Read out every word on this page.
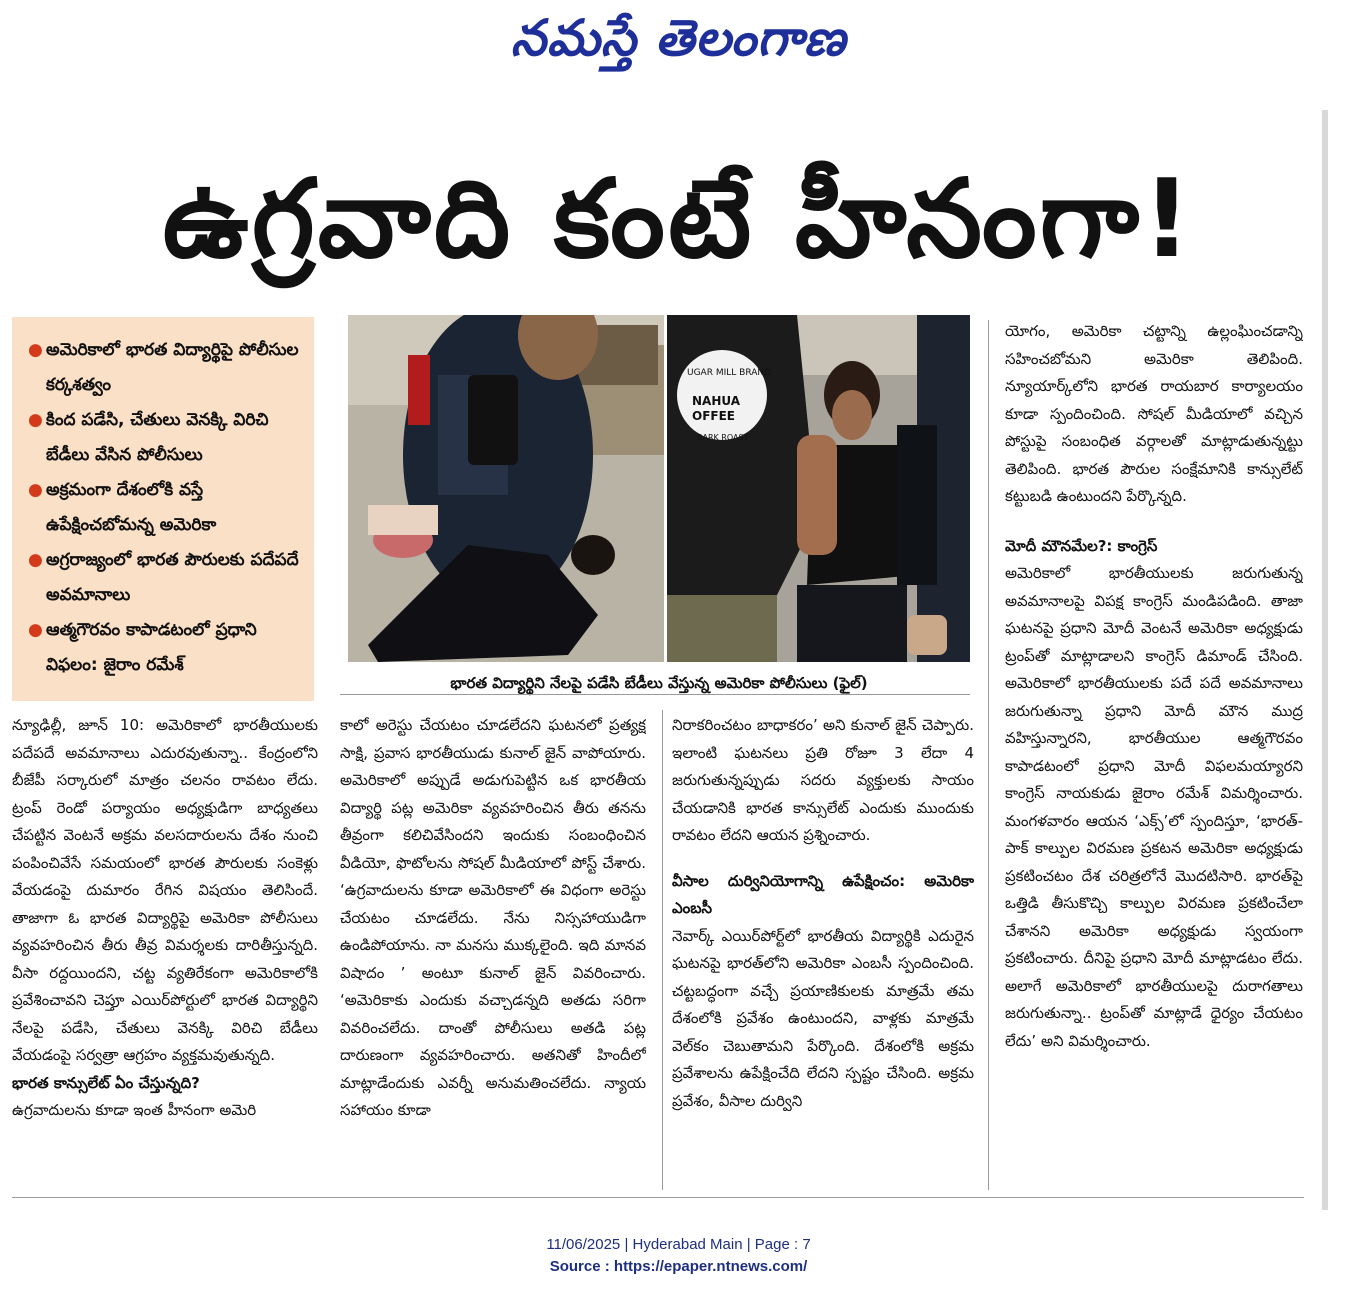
నమస్తే తెలంగాణ
ఉగ్రవాది కంటే హీనంగా!
● అమెరికాలో భారత విద్యార్థిపై పోలీసుల కర్కశత్వం
● కింద పడేసి, చేతులు వెనక్కి విరిచి బేడీలు వేసిన పోలీసులు
● అక్రమంగా దేశంలోకి వస్తే ఉపేక్షించబోమన్న అమెరికా
● అగ్రరాజ్యంలో భారత పౌరులకు పదేపదే అవమానాలు
● ఆత్మగౌరవం కాపాడటంలో ప్రధాని విఫలం: జైరాం రమేశ్
UGAR MILL BRAND
NAHUA
OFFEE
BARK ROAST
భారత విద్యార్థిని నేలపై పడేసి బేడీలు వేస్తున్న అమెరికా పోలీసులు (ఫైల్)

న్యూఢిల్లీ, జూన్ 10: అమెరికాలో భారతీయులకు పదేపదే అవమానాలు ఎదురవుతున్నా.. కేంద్రంలోని బీజేపీ సర్కారులో మాత్రం చలనం రావటం లేదు. ట్రంప్ రెండో పర్యాయం అధ్యక్షుడిగా బాధ్యతలు చేపట్టిన వెంటనే అక్రమ వలసదారులను దేశం నుంచి పంపించివేసే సమయంలో భారత పౌరులకు సంకెళ్లు వేయడంపై దుమారం రేగిన విషయం తెలిసిందే. తాజాగా ఓ భారత విద్యార్థిపై అమెరికా పోలీసులు వ్యవహరించిన తీరు తీవ్ర విమర్శలకు దారితీస్తున్నది. వీసా రద్దయిందని, చట్ట వ్యతిరేకంగా అమెరికాలోకి ప్రవేశించావని చెప్తూ ఎయిర్‌పోర్టులో భారత విద్యార్థిని నేలపై పడేసి, చేతులు వెనక్కి విరిచి బేడీలు వేయడంపై సర్వత్రా ఆగ్రహం వ్యక్తమవుతున్నది.

భారత కాన్సులేట్ ఏం చేస్తున్నది?

ఉగ్రవాదులను కూడా ఇంత హీనంగా అమెరి

కాలో అరెస్టు చేయటం చూడలేదని ఘటనలో ప్రత్యక్ష సాక్షి, ప్రవాస భారతీయుడు కునాల్ జైన్ వాపోయారు. అమెరికాలో అప్పుడే అడుగుపెట్టిన ఒక భారతీయ విద్యార్థి పట్ల అమెరికా వ్యవహరించిన తీరు తనను తీవ్రంగా కలిచివేసిందని ఇందుకు సంబంధించిన వీడియో, ఫొటోలను సోషల్ మీడియాలో పోస్ట్ చేశారు. ‘ఉగ్రవాదులను కూడా అమెరికాలో ఈ విధంగా అరెస్టు చేయటం చూడలేదు. నేను నిస్సహాయుడిగా ఉండిపోయాను. నా మనసు ముక్కలైంది. ఇది మానవ విషాదం ’ అంటూ కునాల్ జైన్ వివరించారు. ‘అమెరికాకు ఎందుకు వచ్చాడన్నది అతడు సరిగా వివరించలేదు. దాంతో పోలీసులు అతడి పట్ల దారుణంగా వ్యవహరించారు. అతనితో హిందీలో మాట్లాడేందుకు ఎవర్నీ అనుమతించలేదు. న్యాయ సహాయం కూడా

నిరాకరించటం బాధాకరం’ అని కునాల్ జైన్ చెప్పారు. ఇలాంటి ఘటనలు ప్రతి రోజూ 3 లేదా 4 జరుగుతున్నప్పుడు సదరు వ్యక్తులకు సాయం చేయడానికి భారత కాన్సులేట్ ఎందుకు ముందుకు రావటం లేదని ఆయన ప్రశ్నించారు.

వీసాల దుర్వినియోగాన్ని ఉపేక్షించం: అమెరికా ఎంబసీ

నెవార్క్ ఎయిర్‌పోర్ట్‌లో భారతీయ విద్యార్థికి ఎదురైన ఘటనపై భారత్‌లోని అమెరికా ఎంబసీ స్పందించింది. చట్టబద్ధంగా వచ్చే ప్రయాణికులకు మాత్రమే తమ దేశంలోకి ప్రవేశం ఉంటుందని, వాళ్లకు మాత్రమే వెల్‌కం చెబుతామని పేర్కొంది. దేశంలోకి అక్రమ ప్రవేశాలను ఉపేక్షించేది లేదని స్పష్టం చేసింది. అక్రమ ప్రవేశం, వీసాల దుర్విని

యోగం, అమెరికా చట్టాన్ని ఉల్లంఘించడాన్ని సహించబోమని అమెరికా తెలిపింది. న్యూయార్క్‌లోని భారత రాయబార కార్యాలయం కూడా స్పందించింది. సోషల్ మీడియాలో వచ్చిన పోస్టుపై సంబంధిత వర్గాలతో మాట్లాడుతున్నట్టు తెలిపింది. భారత పౌరుల సంక్షేమానికి కాన్సులేట్ కట్టుబడి ఉంటుందని పేర్కొన్నది.

మోదీ మౌనమేల?: కాంగ్రెస్

అమెరికాలో భారతీయులకు జరుగుతున్న అవమానాలపై విపక్ష కాంగ్రెస్ మండిపడింది. తాజా ఘటనపై ప్రధాని మోదీ వెంటనే అమెరికా అధ్యక్షుడు ట్రంప్‌తో మాట్లాడాలని కాంగ్రెస్ డిమాండ్ చేసింది. అమెరికాలో భారతీయులకు పదే పదే అవమానాలు జరుగుతున్నా ప్రధాని మోదీ మౌన ముద్ర వహిస్తున్నారని, భారతీయుల ఆత్మగౌరవం కాపాడటంలో ప్రధాని మోదీ విఫలమయ్యారని కాంగ్రెస్ నాయకుడు జైరాం రమేశ్ విమర్శించారు. మంగళవారం ఆయన ‘ఎక్స్’లో స్పందిస్తూ, ‘భారత్-పాక్ కాల్పుల విరమణ ప్రకటన అమెరికా అధ్యక్షుడు ప్రకటించటం దేశ చరిత్రలోనే మొదటిసారి. భారత్‌పై ఒత్తిడి తీసుకొచ్చి కాల్పుల విరమణ ప్రకటించేలా చేశానని అమెరికా అధ్యక్షుడు స్వయంగా ప్రకటించారు. దీనిపై ప్రధాని మోదీ మాట్లాడటం లేదు. అలాగే అమెరికాలో భారతీయులపై దురాగతాలు జరుగుతున్నా.. ట్రంప్‌తో మాట్లాడే ధైర్యం చేయటం లేదు’ అని విమర్శించారు.

11/06/2025 | Hyderabad Main | Page : 7
Source : https://epaper.ntnews.com/
